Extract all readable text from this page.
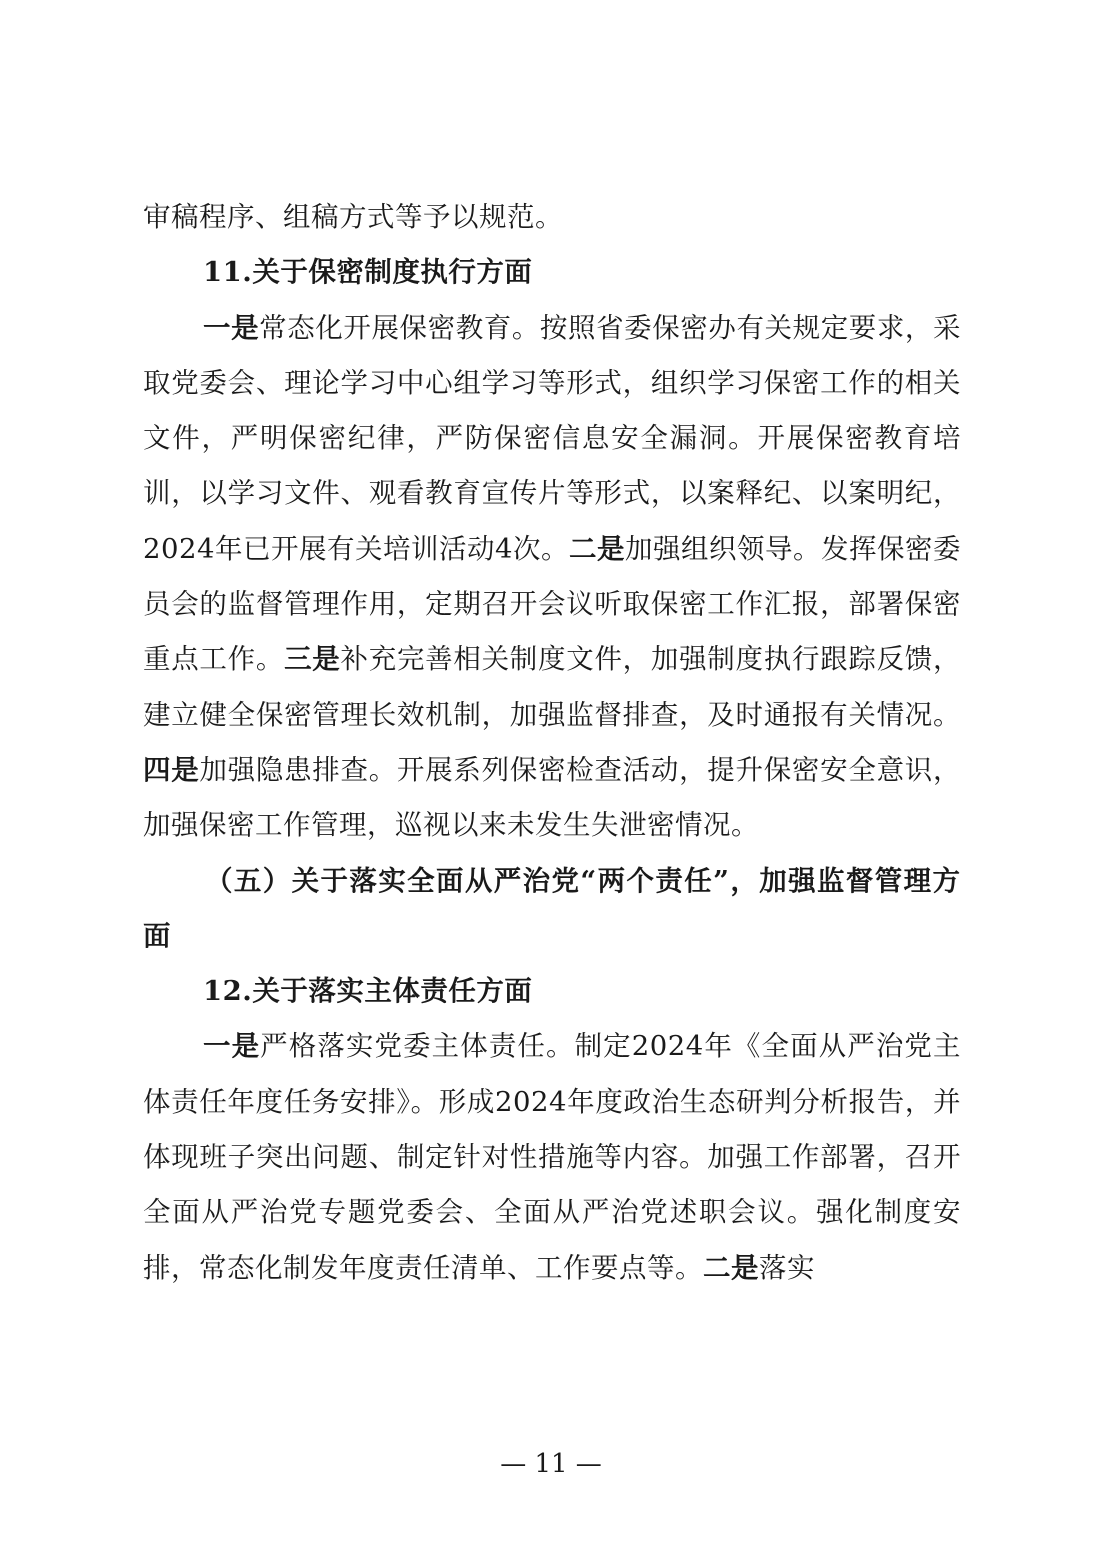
审稿程序、组稿方式等予以规范。

11.关于保密制度执行方面

一是常态化开展保密教育。按照省委保密办有关规定要求，采取党委会、理论学习中心组学习等形式，组织学习保密工作的相关文件，严明保密纪律，严防保密信息安全漏洞。开展保密教育培训，以学习文件、观看教育宣传片等形式，以案释纪、以案明纪，2024年已开展有关培训活动4次。二是加强组织领导。发挥保密委员会的监督管理作用，定期召开会议听取保密工作汇报，部署保密重点工作。三是补充完善相关制度文件，加强制度执行跟踪反馈，建立健全保密管理长效机制，加强监督排查，及时通报有关情况。四是加强隐患排查。开展系列保密检查活动，提升保密安全意识，加强保密工作管理，巡视以来未发生失泄密情况。

（五）关于落实全面从严治党“两个责任”，加强监督管理方面

12.关于落实主体责任方面

一是严格落实党委主体责任。制定2024年《全面从严治党主体责任年度任务安排》。形成2024年度政治生态研判分析报告，并体现班子突出问题、制定针对性措施等内容。加强工作部署，召开全面从严治党专题党委会、全面从严治党述职会议。强化制度安排，常态化制发年度责任清单、工作要点等。二是落实

— 11 —
